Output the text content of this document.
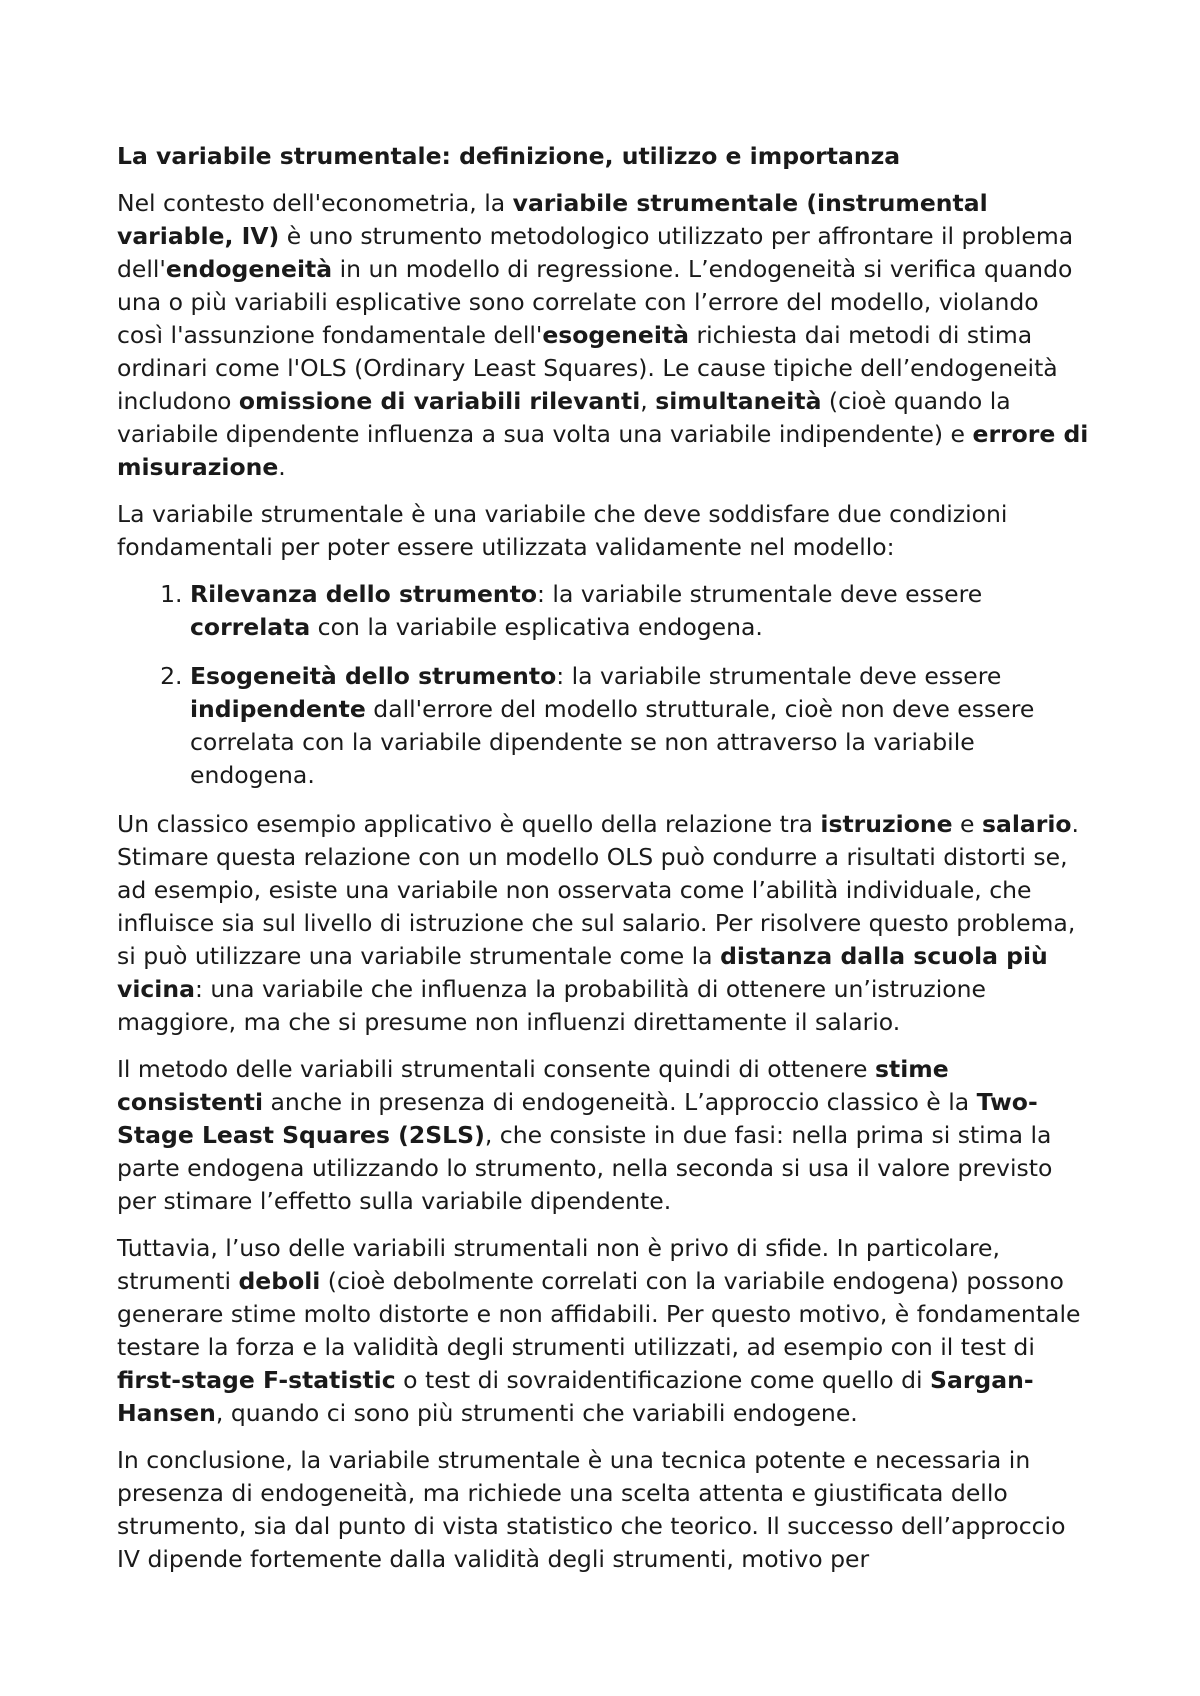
La variabile strumentale: definizione, utilizzo e importanza

Nel contesto dell'econometria, la variabile strumentale (instrumental variable, IV) è uno strumento metodologico utilizzato per affrontare il problema dell'endogeneità in un modello di regressione. L’endogeneità si verifica quando una o più variabili esplicative sono correlate con l’errore del modello, violando così l'assunzione fondamentale dell'esogeneità richiesta dai metodi di stima ordinari come l'OLS (Ordinary Least Squares). Le cause tipiche dell’endogeneità includono omissione di variabili rilevanti, simultaneità (cioè quando la variabile dipendente influenza a sua volta una variabile indipendente) e errore di misurazione.

La variabile strumentale è una variabile che deve soddisfare due condizioni fondamentali per poter essere utilizzata validamente nel modello:

1. Rilevanza dello strumento: la variabile strumentale deve essere correlata con la variabile esplicativa endogena.
2. Esogeneità dello strumento: la variabile strumentale deve essere indipendente dall'errore del modello strutturale, cioè non deve essere correlata con la variabile dipendente se non attraverso la variabile endogena.

Un classico esempio applicativo è quello della relazione tra istruzione e salario. Stimare questa relazione con un modello OLS può condurre a risultati distorti se, ad esempio, esiste una variabile non osservata come l’abilità individuale, che influisce sia sul livello di istruzione che sul salario. Per risolvere questo problema, si può utilizzare una variabile strumentale come la distanza dalla scuola più vicina: una variabile che influenza la probabilità di ottenere un’istruzione maggiore, ma che si presume non influenzi direttamente il salario.

Il metodo delle variabili strumentali consente quindi di ottenere stime consistenti anche in presenza di endogeneità. L’approccio classico è la Two-Stage Least Squares (2SLS), che consiste in due fasi: nella prima si stima la parte endogena utilizzando lo strumento, nella seconda si usa il valore previsto per stimare l’effetto sulla variabile dipendente.

Tuttavia, l’uso delle variabili strumentali non è privo di sfide. In particolare, strumenti deboli (cioè debolmente correlati con la variabile endogena) possono generare stime molto distorte e non affidabili. Per questo motivo, è fondamentale testare la forza e la validità degli strumenti utilizzati, ad esempio con il test di first-stage F-statistic o test di sovraidentificazione come quello di Sargan-Hansen, quando ci sono più strumenti che variabili endogene.

In conclusione, la variabile strumentale è una tecnica potente e necessaria in presenza di endogeneità, ma richiede una scelta attenta e giustificata dello strumento, sia dal punto di vista statistico che teorico. Il successo dell’approccio IV dipende fortemente dalla validità degli strumenti, motivo per
